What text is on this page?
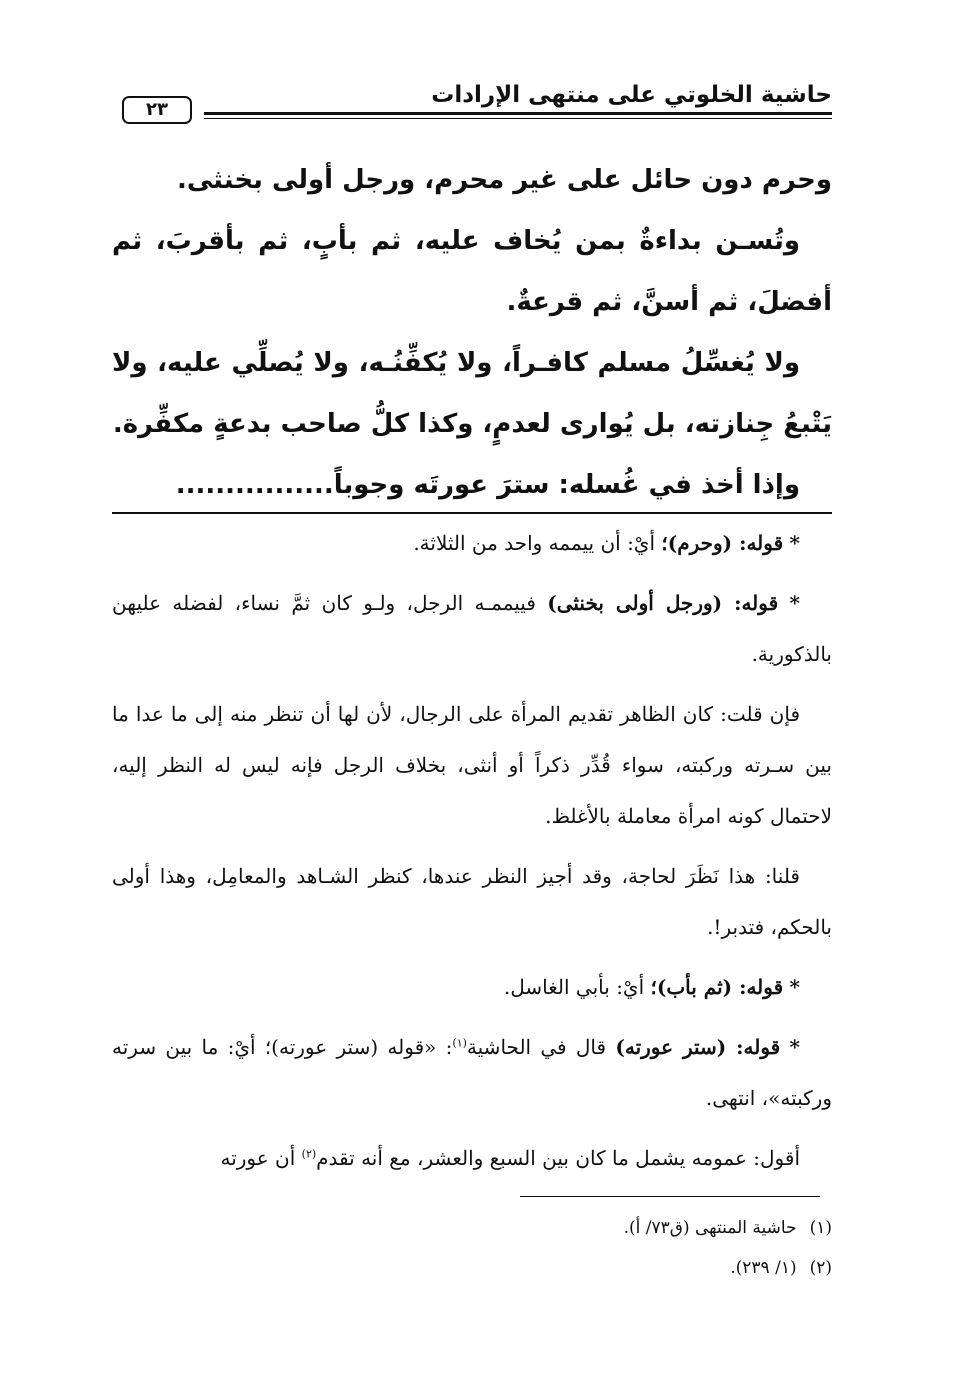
حاشية الخلوتي على منتهى الإرادات
٢٣

وحرم دون حائل على غير محرم، ورجل أولى بخنثى.

وتُسـن بداءةٌ بمن يُخاف عليه، ثم بأبٍ، ثم بأقربَ، ثم أفضلَ، ثم أسنَّ، ثم قرعةٌ.

ولا يُغسِّلُ مسلم كافـراً، ولا يُكفِّنُـه، ولا يُصلِّي عليه، ولا يَتْبعُ جِنازته، بل يُوارى لعدمٍ، وكذا كلُّ صاحب بدعةٍ مكفِّرة.

وإذا أخذ في غُسله: سترَ عورتَه وجوباً................

* قوله: (وحرم)؛ أيْ: أن ييممه واحد من الثلاثة.

* قوله: (ورجل أولى بخنثى) فييممـه الرجل، ولـو كان ثمَّ نساء، لفضله عليهن بالذكورية.

فإن قلت: كان الظاهر تقديم المرأة على الرجال، لأن لها أن تنظر منه إلى ما عدا ما بين سـرته وركبته، سواء قُدِّر ذكراً أو أنثى، بخلاف الرجل فإنه ليس له النظر إليه، لاحتمال كونه امرأة معاملة بالأغلظ.

قلنا: هذا نَظَرَ لحاجة، وقد أجيز النظر عندها، كنظر الشـاهد والمعامِل، وهذا أولى بالحكم، فتدبر!.

* قوله: (ثم بأب)؛ أيْ: بأبي الغاسل.

* قوله: (ستر عورته) قال في الحاشية$^{(١)}$: «قوله (ستر عورته)؛ أيْ: ما بين سرته وركبته»، انتهى.

أقول: عمومه يشمل ما كان بين السبع والعشر، مع أنه تقدم$^{(٢)}$ أن عورته

(١) حاشية المنتهى (ق٧٣/ أ).

(٢) (١/ ٢٣٩).
